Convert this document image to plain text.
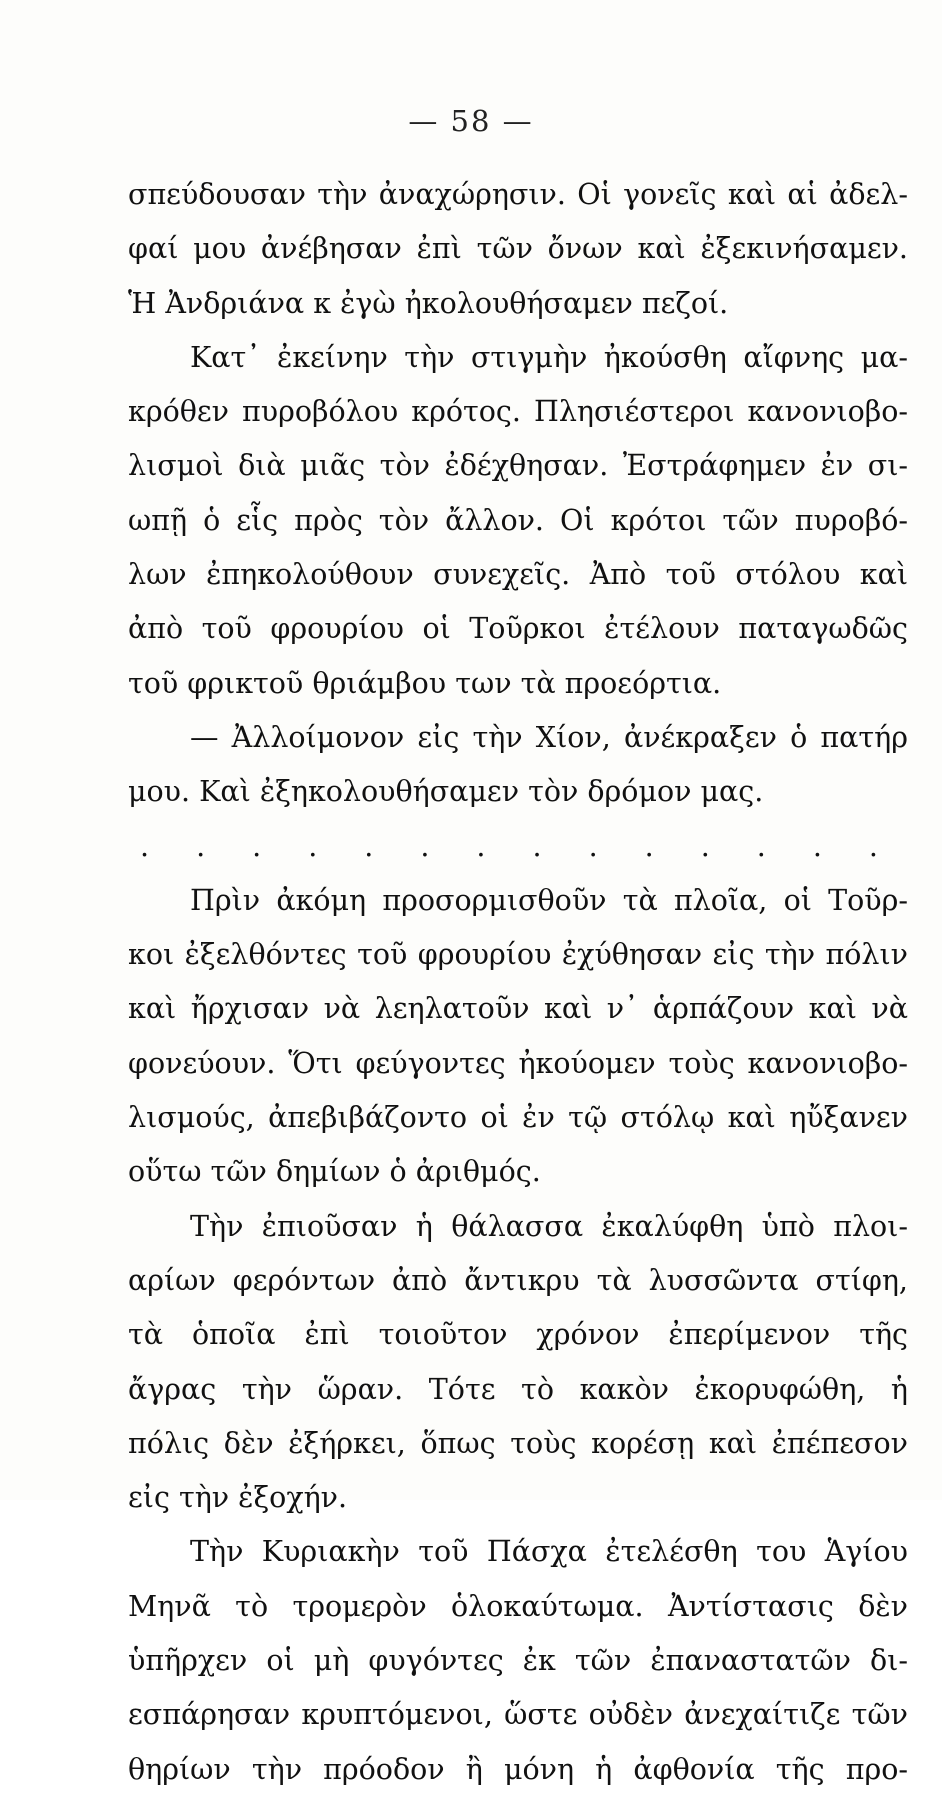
— 58 —
σπεύδουσαν τὴν ἀναχώρησιν. Οἱ γονεῖς καὶ αἱ ἀδελ-
φαί μου ἀνέβησαν ἐπὶ τῶν ὄνων καὶ ἐξεκινήσαμεν.
Ἡ Ἀνδριάνα κ ἐγὼ ἠκολουθήσαμεν πεζοί.
Κατ᾽ ἐκείνην τὴν στιγμὴν ἠκούσθη αἴφνης μα-
κρόθεν πυροβόλου κρότος. Πλησιέστεροι κανονιοβο-
λισμοὶ διὰ μιᾶς τὸν ἐδέχθησαν. Ἐστράφημεν ἐν σι-
ωπῇ ὁ εἷς πρὸς τὸν ἄλλον. Οἱ κρότοι τῶν πυροβό-
λων ἐπηκολούθουν συνεχεῖς. Ἀπὸ τοῦ στόλου καὶ
ἀπὸ τοῦ φρουρίου οἱ Τοῦρκοι ἐτέλουν παταγωδῶς
τοῦ φρικτοῦ θριάμβου των τὰ προεόρτια.
— Ἀλλοίμονον εἰς τὴν Χίον, ἀνέκραξεν ὁ πατήρ
μου. Καὶ ἐξηκολουθήσαμεν τὸν δρόμον μας.
. . . . . . . . . . . . . .
Πρὶν ἀκόμη προσορμισθοῦν τὰ πλοῖα, οἱ Τοῦρ-
κοι ἐξελθόντες τοῦ φρουρίου ἐχύθησαν εἰς τὴν πόλιν
καὶ ἤρχισαν νὰ λεηλατοῦν καὶ ν᾽ ἁρπάζουν καὶ νὰ
φονεύουν. Ὅτι φεύγοντες ἠκούομεν τοὺς κανονιοβο-
λισμούς, ἀπεβιβάζοντο οἱ ἐν τῷ στόλῳ καὶ ηὔξανεν
οὕτω τῶν δημίων ὁ ἀριθμός.
Τὴν ἐπιοῦσαν ἡ θάλασσα ἐκαλύφθη ὑπὸ πλοι-
αρίων φερόντων ἀπὸ ἄντικρυ τὰ λυσσῶντα στίφη,
τὰ ὁποῖα ἐπὶ τοιοῦτον χρόνον ἐπερίμενον τῆς
ἄγρας τὴν ὥραν. Τότε τὸ κακὸν ἐκορυφώθη, ἡ
πόλις δὲν ἐξήρκει, ὅπως τοὺς κορέσῃ καὶ ἐπέπεσον
εἰς τὴν ἐξοχήν.
Τὴν Κυριακὴν τοῦ Πάσχα ἐτελέσθη του Ἁγίου
Μηνᾶ τὸ τρομερὸν ὁλοκαύτωμα. Ἀντίστασις δὲν
ὑπῆρχεν οἱ μὴ φυγόντες ἐκ τῶν ἐπαναστατῶν δι-
εσπάρησαν κρυπτόμενοι, ὥστε οὐδὲν ἀνεχαίτιζε τῶν
θηρίων τὴν πρόοδον ἢ μόνη ἡ ἀφθονία τῆς προ-
